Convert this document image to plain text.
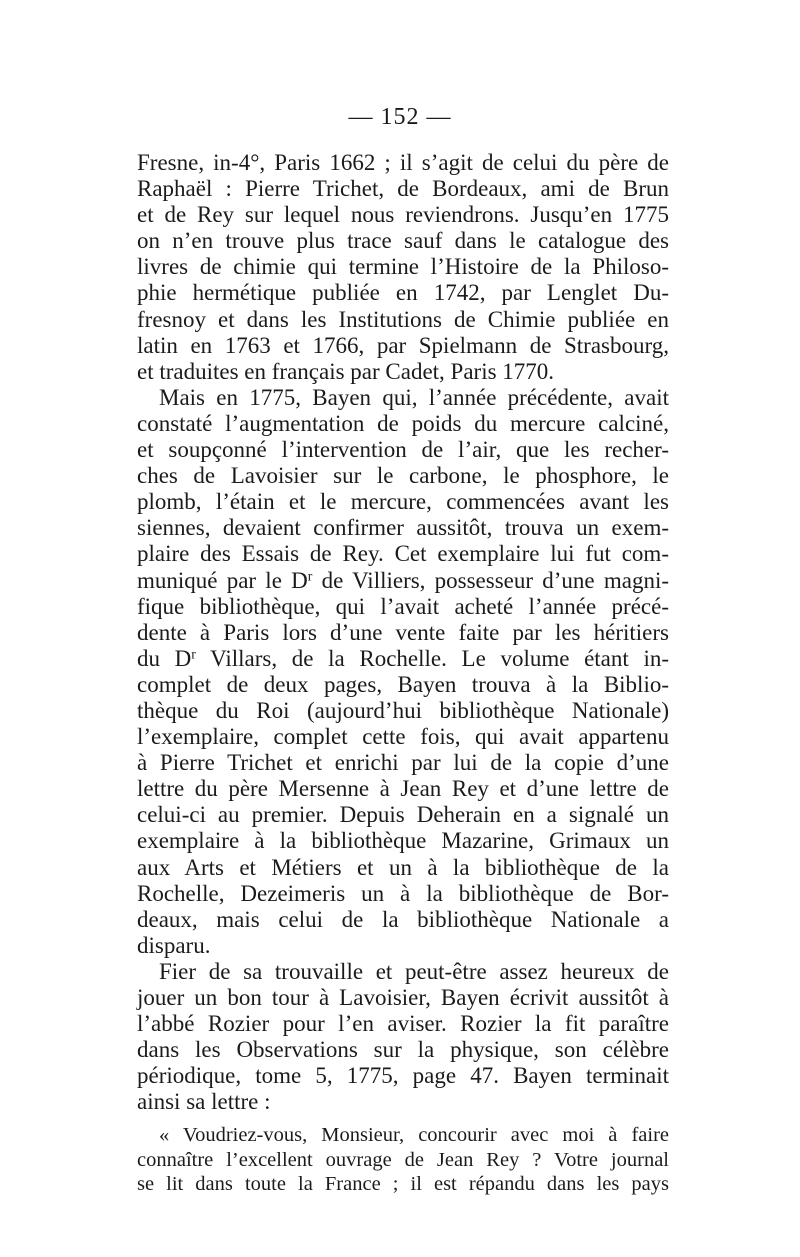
— 152 —
Fresne, in-4°, Paris 1662 ; il s’agit de celui du père de
Raphaël : Pierre Trichet, de Bordeaux, ami de Brun
et de Rey sur lequel nous reviendrons. Jusqu’en 1775
on n’en trouve plus trace sauf dans le catalogue des
livres de chimie qui termine l’Histoire de la Philoso-
phie hermétique publiée en 1742, par Lenglet Du-
fresnoy et dans les Institutions de Chimie publiée en
latin en 1763 et 1766, par Spielmann de Strasbourg,
et traduites en français par Cadet, Paris 1770.
Mais en 1775, Bayen qui, l’année précédente, avait
constaté l’augmentation de poids du mercure calciné,
et soupçonné l’intervention de l’air, que les recher-
ches de Lavoisier sur le carbone, le phosphore, le
plomb, l’étain et le mercure, commencées avant les
siennes, devaient confirmer aussitôt, trouva un exem-
plaire des Essais de Rey. Cet exemplaire lui fut com-
muniqué par le $D^r$ de Villiers, possesseur d’une magni-
fique bibliothèque, qui l’avait acheté l’année précé-
dente à Paris lors d’une vente faite par les héritiers
du $D^r$ Villars, de la Rochelle. Le volume étant in-
complet de deux pages, Bayen trouva à la Biblio-
thèque du Roi (aujourd’hui bibliothèque Nationale)
l’exemplaire, complet cette fois, qui avait appartenu
à Pierre Trichet et enrichi par lui de la copie d’une
lettre du père Mersenne à Jean Rey et d’une lettre de
celui-ci au premier. Depuis Deherain en a signalé un
exemplaire à la bibliothèque Mazarine, Grimaux un
aux Arts et Métiers et un à la bibliothèque de la
Rochelle, Dezeimeris un à la bibliothèque de Bor-
deaux, mais celui de la bibliothèque Nationale a
disparu.
Fier de sa trouvaille et peut-être assez heureux de
jouer un bon tour à Lavoisier, Bayen écrivit aussitôt à
l’abbé Rozier pour l’en aviser. Rozier la fit paraître
dans les Observations sur la physique, son célèbre
périodique, tome 5, 1775, page 47. Bayen terminait
ainsi sa lettre :
« Voudriez-vous, Monsieur, concourir avec moi à faire
connaître l’excellent ouvrage de Jean Rey ? Votre journal
se lit dans toute la France ; il est répandu dans les pays
